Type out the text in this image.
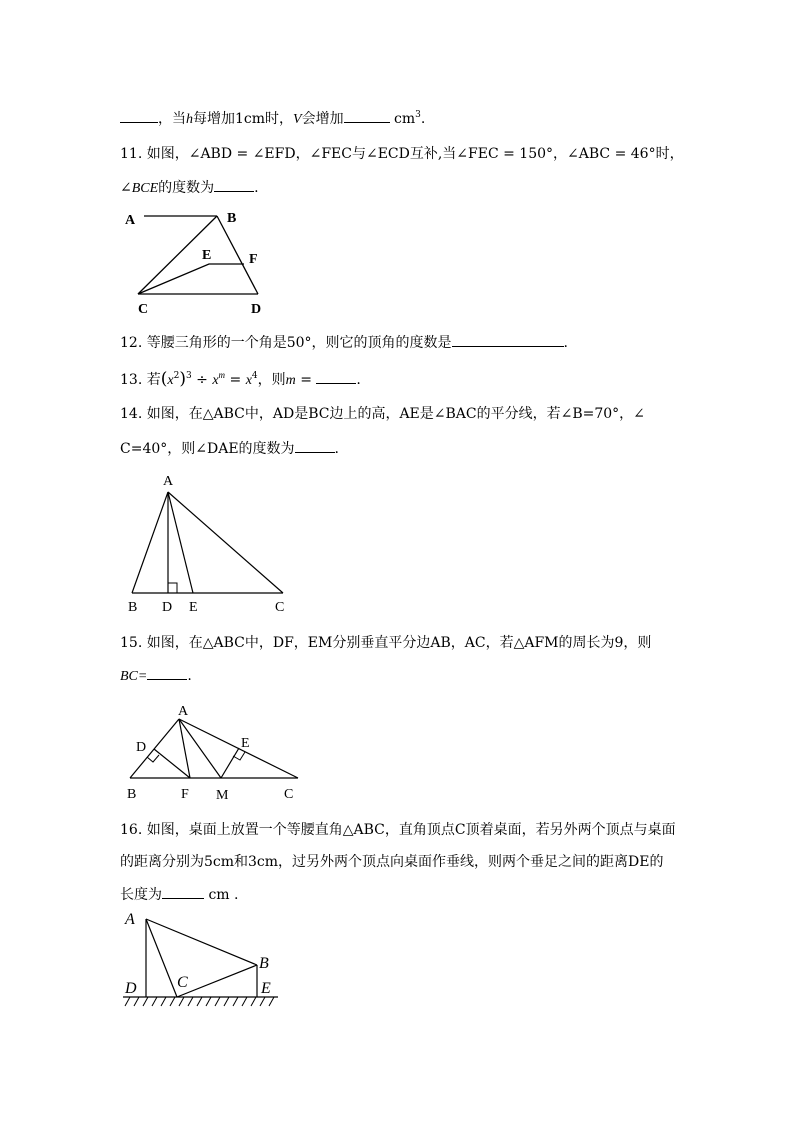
，当h每增加1cm时，V会增加	$cm^3$.
11. 如图，∠ABD = ∠EFD，∠FEC与∠ECD互补,当∠FEC = 150°，∠ABC = 46°时，
∠BCE的度数为	.
A	B
E	F
C	D
12. 等腰三角形的一个角是50°，则它的顶角的度数是	.
13. 若$(x^2)^3 \div x^m = x^4$，则m =	.
14. 如图，在△ABC中，AD是BC边上的高，AE是∠BAC的平分线，若∠B=70°，∠
C=40°，则∠DAE的度数为	.
A
B D E	C
15. 如图，在△ABC中，DF，EM分别垂直平分边AB，AC，若△AFM的周长为9，则
BC=	.
A
D	E
B	F M	C
16. 如图，桌面上放置一个等腰直角△ABC，直角顶点C顶着桌面，若另外两个顶点与桌面
的距离分别为5cm和3cm，过另外两个顶点向桌面作垂线，则两个垂足之间的距离DE的
长度为	cm .
A
B
C
D	E
